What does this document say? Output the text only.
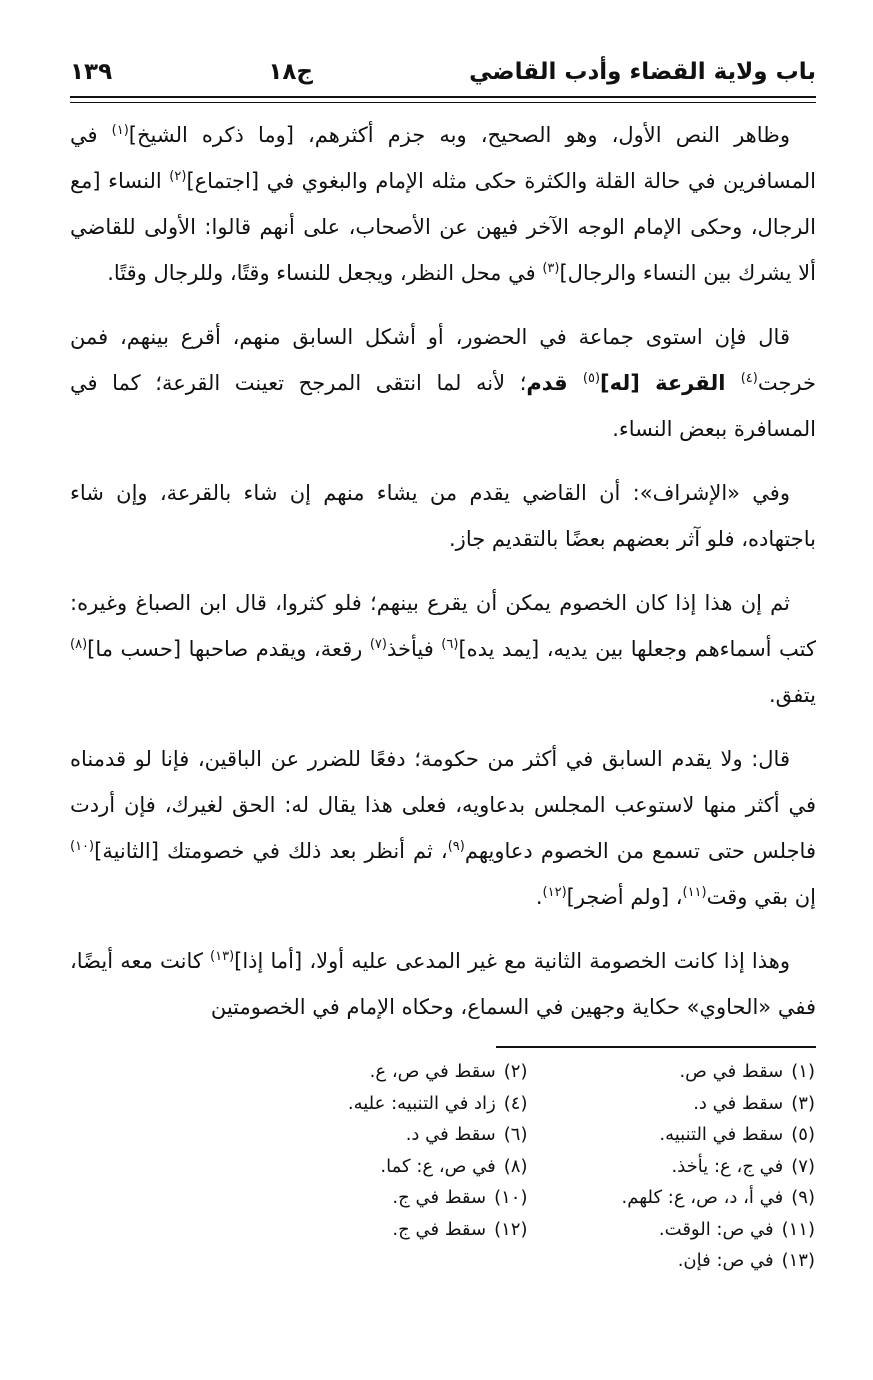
باب ولاية القضاء وأدب القاضي
ج١٨
١٣٩

وظاهر النص الأول، وهو الصحيح، وبه جزم أكثرهم، [وما ذكره الشيخ]$^{(١)}$ في المسافرين في حالة القلة والكثرة حكى مثله الإمام والبغوي في [اجتماع]$^{(٢)}$ النساء [مع الرجال، وحكى الإمام الوجه الآخر فيهن عن الأصحاب، على أنهم قالوا: الأولى للقاضي ألا يشرك بين النساء والرجال]$^{(٣)}$ في محل النظر، ويجعل للنساء وقتًا، وللرجال وقتًا.

قال فإن استوى جماعة في الحضور، أو أشكل السابق منهم، أقرع بينهم، فمن خرجت$^{(٤)}$ القرعة [له]$^{(٥)}$ قدم؛ لأنه لما انتقى المرجح تعينت القرعة؛ كما في المسافرة ببعض النساء.

وفي «الإشراف»: أن القاضي يقدم من يشاء منهم إن شاء بالقرعة، وإن شاء باجتهاده، فلو آثر بعضهم بعضًا بالتقديم جاز.

ثم إن هذا إذا كان الخصوم يمكن أن يقرع بينهم؛ فلو كثروا، قال ابن الصباغ وغيره: كتب أسماءهم وجعلها بين يديه، [يمد يده]$^{(٦)}$ فيأخذ$^{(٧)}$ رقعة، ويقدم صاحبها [حسب ما]$^{(٨)}$ يتفق.

قال: ولا يقدم السابق في أكثر من حكومة؛ دفعًا للضرر عن الباقين، فإنا لو قدمناه في أكثر منها لاستوعب المجلس بدعاويه، فعلى هذا يقال له: الحق لغيرك، فإن أردت فاجلس حتى تسمع من الخصوم دعاويهم$^{(٩)}$، ثم أنظر بعد ذلك في خصومتك [الثانية]$^{(١٠)}$ إن بقي وقت$^{(١١)}$، [ولم أضجر]$^{(١٢)}$.

وهذا إذا كانت الخصومة الثانية مع غير المدعى عليه أولا، [أما إذا]$^{(١٣)}$ كانت معه أيضًا، ففي «الحاوي» حكاية وجهين في السماع، وحكاه الإمام في الخصومتين

(١)سقط في ص.
(٢)سقط في ص، ع.
(٣)سقط في د.
(٤)زاد في التنبيه: عليه.
(٥)سقط في التنبيه.
(٦)سقط في د.
(٧)في ج، ع: يأخذ.
(٨)في ص، ع: كما.
(٩)في أ، د، ص، ع: كلهم.
(١٠)سقط في ج.
(١١)في ص: الوقت.
(١٢)سقط في ج.
(١٣)في ص: فإن.
